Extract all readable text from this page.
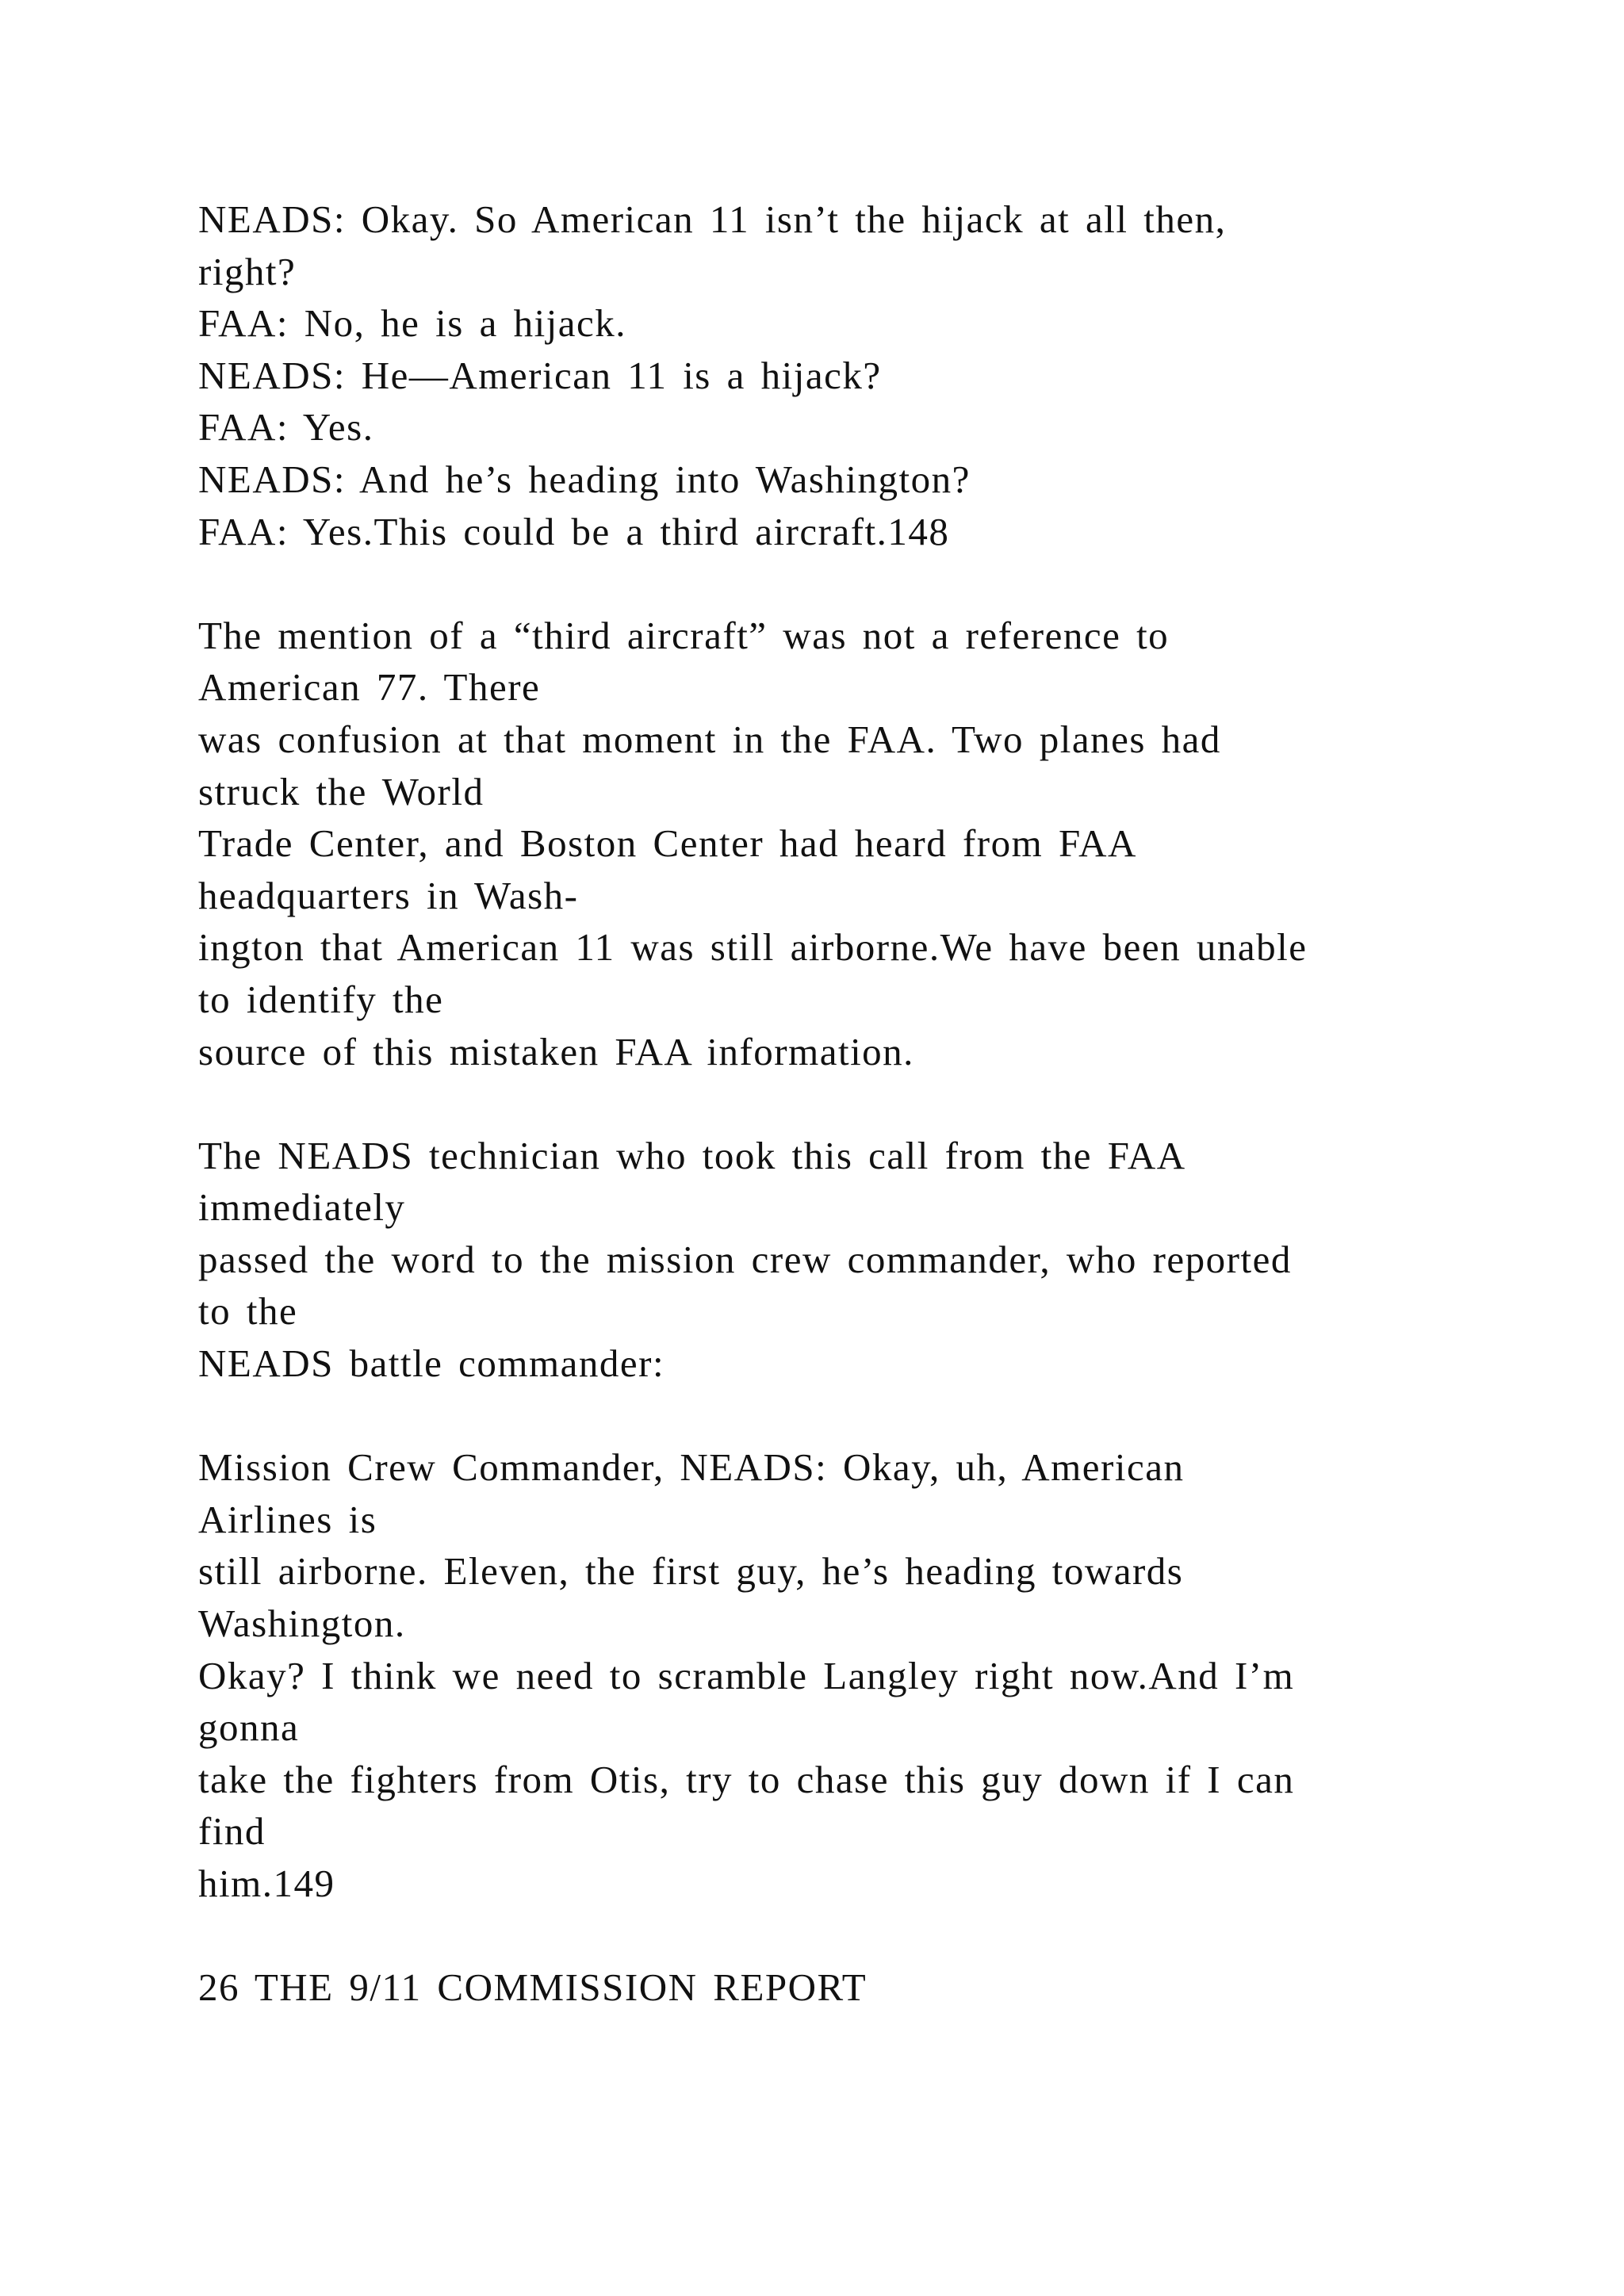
NEADS: Okay. So American 11 isn’t the hijack at all then,
right?
FAA: No, he is a hijack.
NEADS: He—American 11 is a hijack?
FAA: Yes.
NEADS: And he’s heading into Washington?
FAA: Yes.This could be a third aircraft.148
The mention of a “third aircraft” was not a reference to
American 77. There
was confusion at that moment in the FAA. Two planes had
struck the World
Trade Center, and Boston Center had heard from FAA
headquarters in Wash-
ington that American 11 was still airborne.We have been unable
to identify the
source of this mistaken FAA information.
The NEADS technician who took this call from the FAA
immediately
passed the word to the mission crew commander, who reported
to the
NEADS battle commander:
Mission Crew Commander, NEADS: Okay, uh, American
Airlines is
still airborne. Eleven, the first guy, he’s heading towards
Washington.
Okay? I think we need to scramble Langley right now.And I’m
gonna
take the fighters from Otis, try to chase this guy down if I can
find
him.149
26 THE 9/11 COMMISSION REPORT
